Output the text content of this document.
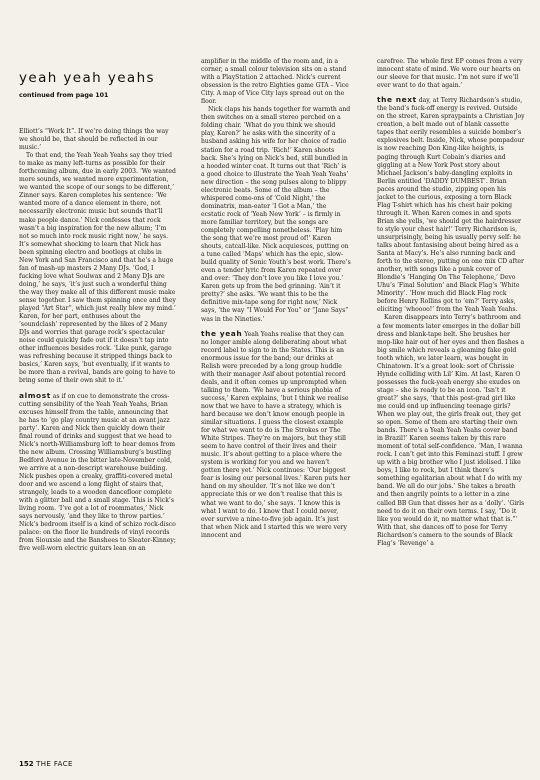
yeah yeah yeahs
continued from page 101

Elliott’s “Work It”. If we’re doing things the way we should be, that should be reflected in our music.’

To that end, the Yeah Yeah Yeahs say they tried to make as many left-turns as possible for their forthcoming album, due in early 2003. ‘We wanted more sounds, we wanted more experimentation, we wanted the scope of our songs to be different,’ Zinner says. Karen completes his sentence: ‘We wanted more of a dance element in there, not necessarily electronic music but sounds that’ll make people dance.’ Nick confesses that rock wasn’t a big inspiration for the new album; ‘I’m not so much into rock music right now,’ he says. It’s somewhat shocking to learn that Nick has been spinning electro and bootlegs at clubs in New York and San Francisco and that he’s a huge fan of mash-up masters 2 Many DJs. ‘God, I fucking love what Soulwax and 2 Many DJs are doing,’ he says, ‘it’s just such a wonderful thing the way they make all of this different music make sense together. I saw them spinning once and they played “Art Star”, which just really blew my mind.’ Karen, for her part, enthuses about the ‘soundclash’ represented by the likes of 2 Many DJs and worries that garage rock’s spectacular noise could quickly fade out if it doesn’t tap into other influences besides rock. ‘Like punk, garage was refreshing because it stripped things back to basics,’ Karen says, ‘but eventually, if it wants to be more than a revival, bands are going to have to bring some of their own shit to it.’

almost as if on cue to demonstrate the cross-cutting sensibility of the Yeah Yeah Yeahs, Brian excuses himself from the table, announcing that he has to ‘go play country music at an avant jazz party’. Karen and Nick then quickly down their final round of drinks and suggest that we head to Nick’s north-Williamsburg loft to hear demos from the new album. Crossing Williamsburg’s bustling Bedford Avenue in the bitter late-November cold, we arrive at a non-descript warehouse building. Nick pushes open a creaky, graffiti-covered metal door and we ascend a long flight of stairs that, strangely, leads to a wooden dancefloor complete with a glitter ball and a small stage. This is Nick’s living room. ‘I’ve got a lot of roommates,’ Nick says nervously, ‘and they like to throw parties.’ Nick’s bedroom itself is a kind of schizo rock-disco palace: on the floor lie hundreds of vinyl records from Siouxsie and the Banshees to Sleater-Kinney; five well-worn electric guitars lean on an

amplifier in the middle of the room and, in a corner, a small colour television sits on a stand with a PlayStation 2 attached. Nick’s current obsession is the retro Eighties game GTA – Vice City. A map of Vice City lays spread out on the floor.

Nick claps his hands together for warmth and then switches on a small stereo perched on a folding chair. ‘What do you think we should play, Karen?’ he asks with the sincerity of a husband asking his wife for her choice of radio station for a road trip. ‘Rich!’ Karen shoots back. She’s lying on Nick’s bed, still bundled in a hooded winter coat. It turns out that ‘Rich’ is a good choice to illustrate the Yeah Yeah Yeahs’ new direction – the song pulses along to blippy electronic beats. Some of the album – the whispered come-ons of ‘Cold Night,’ the dominatrix, man-eater ‘I Got a Man,’ the ecstatic rock of ‘Yeah New York’ – is firmly in more familiar territory, but the songs are completely compelling nonetheless. ‘Play him the song that we’re most proud of!’ Karen shouts, catcall-like. Nick acquiesces, putting on a tune called ‘Maps’ which has the epic, slow-build quality of Sonic Youth’s best work. There’s even a tender lyric from Karen repeated over and over: ‘They don’t love you like I love you.’ Karen gets up from the bed grinning. ‘Ain’t it pretty?’ she asks. ‘We want this to be the definitive mix-tape song for right now,’ Nick says, ‘the way “I Would For You” or “Jane Says” was in the Nineties.’

the yeah Yeah Yeahs realise that they can no longer amble along deliberating about what record label to sign to in the States. This is an enormous issue for the band; our drinks at Relish were preceded by a long group huddle with their manager Asif about potential record deals, and it often comes up unprompted when talking to them. ‘We have a serious phobia of success,’ Karen explains, ‘but I think we realise now that we have to have a strategy, which is hard because we don’t know enough people in similar situations. I guess the closest example for what we want to do is The Strokes or The White Stripes. They’re on majors, but they still seem to have control of their lives and their music. It’s about getting to a place where the system is working for you and we haven’t gotten there yet.’ Nick continues: ‘Our biggest fear is losing our personal lives.’ Karen puts her hand on my shoulder. ‘It’s not like we don’t appreciate this or we don’t realise that this is what we want to do,’ she says. ‘I know this is what I want to do. I know that I could never, ever survive a nine-to-five job again. It’s just that when Nick and I started this we were very innocent and

carefree. The whole first EP comes from a very innocent state of mind. We wore our hearts on our sleeve for that music. I’m not sure if we’ll ever want to do that again.’

the next day, at Terry Richardson’s studio, the band’s fuck-off energy is revived. Outside on the street, Karen spraypaints a Christian Joy creation, a belt made out of blank cassette tapes that eerily resembles a suicide bomber’s explosives belt. Inside, Nick, whose pompadour is now reaching Don King-like heights, is paging through Kurt Cobain’s diaries and giggling at a New York Post story about Michael Jackson’s baby-dangling exploits in Berlin entitled ‘DADDY DUMBEST’. Brian paces around the studio, zipping open his jacket to the curious, exposing a torn Black Flag T-shirt which has his chest hair poking through it. When Karen comes in and spots Brian she yells, ‘we should get the hairdresser to style your chest hair!’ Terry Richardson is, unsurprisingly, being his usually pervy self: he talks about fantasising about being hired as a Santa at Macy’s. He’s also running back and forth to the stereo, putting on one mix CD after another, with songs like a punk cover of Blondie’s ‘Hanging On The Telephone,’ Devo Uhu’s ‘Final Solution’ and Black Flag’s ‘White Minority’. ‘How much did Black Flag rock before Henry Rollins got to ’em?’ Terry asks, eliciting ‘whoooo!’ from the Yeah Yeah Yeahs.

Karen disappears into Terry’s bathroom and a few moments later emerges in the dollar bill dress and blank-tape belt. She brushes her mop-like hair out of her eyes and then flashes a big smile which reveals a gleaming fake gold tooth which, we later learn, was bought in Chinatown. It’s a great look: sort of Chrissie Hynde colliding with Lil’ Kim. At last, Karen O possesses the fuck-yeah energy she exudes on stage – she is ready to be an icon. ‘Isn’t it great?’ she says, ‘that this post-grad girl like me could end up influencing teenage girls? When we play out, the girls freak out, they get so open. Some of them are starting their own bands. There’s a Yeah Yeah Yeahs cover band in Brazil!’ Karen seems taken by this rare moment of total self-confidence. ‘Man, I wanna rock. I can’t get into this Feminazi stuff. I grew up with a big brother who I just idolised. I like boys, I like to rock, but I think there’s something egalitarian about what I do with my band. We all do our jobs.’ She takes a breath and then angrily points to a letter in a zine called BB Gun that disses her as a ‘dolly’. ‘Girls need to do it on their own terms. I say, “Do it like you would do it, no matter what that is.”’ With that, she dances off to pose for Terry Richardson’s camera to the sounds of Black Flag’s ‘Revenge’ a

152 THE FACE
